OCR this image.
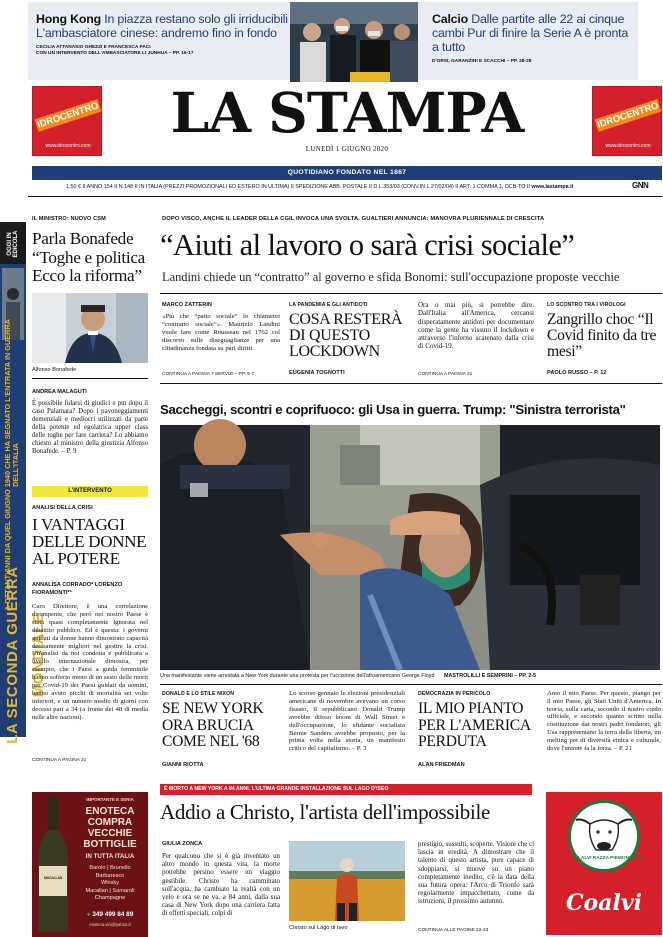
Hong Kong In piazza restano solo gli irriducibili L'ambasciatore cinese: andremo fino in fondo
CECILIA ATTANASIO GHEZZI E FRANCESCA PACI
CON UN INTERVENTO DELL'AMBASCIATORE LI JUNHUA – PP. 16-17
Calcio Dalle partite alle 22 ai cinque cambi Pur di finire la Serie A è pronta a tutto
D'ORSI, GARANZINI E SCACCHI – PP. 28-29
IDROCENTRO
www.idrocentro.com
IDROCENTRO
www.idrocentro.com
LA STAMPA
LUNEDÌ 1 GIUGNO 2020
QUOTIDIANO FONDATO NEL 1867
1,50 € II ANNO 154 II N.148 II IN ITALIA (PREZZI PROMOZIONALI ED ESTERO IN ULTIMA) II SPEDIZIONE ABB. POSTALE II D.L.353/03 (CONV.IN L.27/02/04) II ART. 1 COMMA 1, DCB-TO II www.lastampa.it	GNN
OGGI IN EDICOLA
A OTTANT'ANNI DA QUEL GIUGNO 1940 CHE HA SEGNATO L'ENTRATA IN GUERRA DELL'ITALIA
LA SECONDA GUERRA MONDIALE
IL MINISTRO: NUOVO CSM
Parla Bonafede “Toghe e politica Ecco la riforma”
Alfonso Bonafede
ANDREA MALAGUTI
È possibile fidarsi di giudici e pm dopo il caso Palamara? Dopo i pavoneggiamenti demenziali e mediocri utilizzati da parte della potente ed egolatrica upper class delle toghe per fare carriera? Lo abbiamo chiesto al ministro della giustizia Alfonso Bonafede. – P. 9
L'INTERVENTO
ANALISI DELLA CRISI
I VANTAGGI DELLE DONNE AL POTERE
ANNALISA CORRADO* LORENZO FIORAMONTI**
Caro Direttore, è una correlazione dirompente, che però nel nostro Paese è stata quasi completamente ignorata nel dibattito pubblico. Ed è questa: i governi guidati da donne hanno dimostrato capacità decisamente migliori nel gestire la crisi. Un'analisi da noi condotta e pubblicata a livello internazionale dimostra, per esempio, che i Paesi a guida femminile hanno sofferto meno di un sesto delle morti per Covid-19 dei Paesi guidati da uomini, hanno avuto picchi di mortalità sei volte inferiori, e un numero medio di giorni con decessi pari a 34 (a fronte dei 48 di media nelle altre nazioni).
CONTINUA A PAGINA 21
DOPO VISCO, ANCHE IL LEADER DELLA CGIL INVOCA UNA SVOLTA. GUALTIERI ANNUNCIA: MANOVRA PLURIENNALE DI CRESCITA
“Aiuti al lavoro o sarà crisi sociale”
Landini chiede un “contratto” al governo e sfida Bonomi: sull'occupazione proposte vecchie
MARCO ZATTERIN
«Più che “patto sociale” lo chiamerei “contratto sociale”». Maurizio Landini vuole fare come Rousseau nel 1762 col discorso sulle diseguaglianze per una cittadinanza fondata su pari diritti.
CONTINUA A PAGINA 7 SERVIZI – PP. 6-7
LA PANDEMIA E GLI ANTIDOTI
COSA RESTERÀ DI QUESTO LOCKDOWN
EUGENIA TOGNOTTI
Ora o mai più, si potrebbe dire. Dall'Italia all'America, cercansi disperatamente antidoti per documentare come la gente ha vissuto il lockdown e attraverso l'inferno scatenato dalla crisi di Covid-19.
CONTINUA A PAGINA 21
LO SCONTRO TRA I VIROLOGI
Zangrillo choc “Il Covid finito da tre mesi”
PAOLO RUSSO – P. 12
Saccheggi, scontri e coprifuoco: gli Usa in guerra. Trump: "Sinistra terrorista"
Una manifestante viene arrestata a New York durante una protesta per l'uccisione dell'afroamericano George Floyd MASTROLILLI E SEMPRINI – PP. 2-5
AP/WONG MAYE-E
DONALD E LO STILE NIXON
SE NEW YORK ORA BRUCIA COME NEL '68
GIANNI RIOTTA
Lo scorso gennaio le elezioni presidenziali americane di novembre avevano un corso fissato, il repubblicano Donald Trump avrebbe difeso boom di Wall Street e dell'occupazione, lo sfidante socialista Bernie Sanders avrebbe proposto, per la prima volta nella storia, un manifesto critico del capitalismo. – P. 3
DEMOCRAZIA IN PERICOLO
IL MIO PIANTO PER L'AMERICA PERDUTA
ALAN FRIEDMAN
Amo il mio Paese. Per questo, piango per il mio Paese, gli Stati Uniti d'America. In teoria, sulla carta, secondo il nostro credo ufficiale, e secondo quanto scritto nella costituzione dai nostri padri fondatori, gli Usa rappresentano la terra della libertà, un melting pot di diversità etnica e culturale, dove l'unione fa la forza. – P. 21
È MORTO A NEW YORK A 84 ANNI. L'ULTIMA GRANDE INSTALLAZIONE SUL LAGO D'ISEO
Addio a Christo, l'artista dell'impossibile
GIULIA ZONCA
Per qualcuno che si è già inventato un altro mondo in questa vita, la morte potrebbe persino essere un viaggio gestibile. Christo ha camminato sull'acqua, ha cambiato la realtà con un velo e ora se ne va, a 84 anni, dalla sua casa di New York dopo una carriera fatta di effetti speciali, colpi di
Christo sul Lago di Iseo
prestigio, sussulti, scoperte. Visioni che ci lascia in eredità. A dimostrare che il talento di questo artista, pure capace di sdoppiarsi, si muove su un piano completamente inedito, c'è la data della sua futura opera: l'Arco di Trionfo sarà regolarmente impacchettato, come da istruzioni, il prossimo autunno.
CONTINUA ALLE PAGINE 22-23
MACALLAN
IMPORTANTE E SERIA
ENOTECA COMPRA VECCHIE BOTTIGLIE
IN TUTTA ITALIA
Barolo | Brunello
Barbaresco
Whisky
Macallan | Samaroli
Champagne
● 349 499 84 89
enoteca.vini@yahoo.it
CO.ALVI RAZZA PIEMONTESE
Coalvi
